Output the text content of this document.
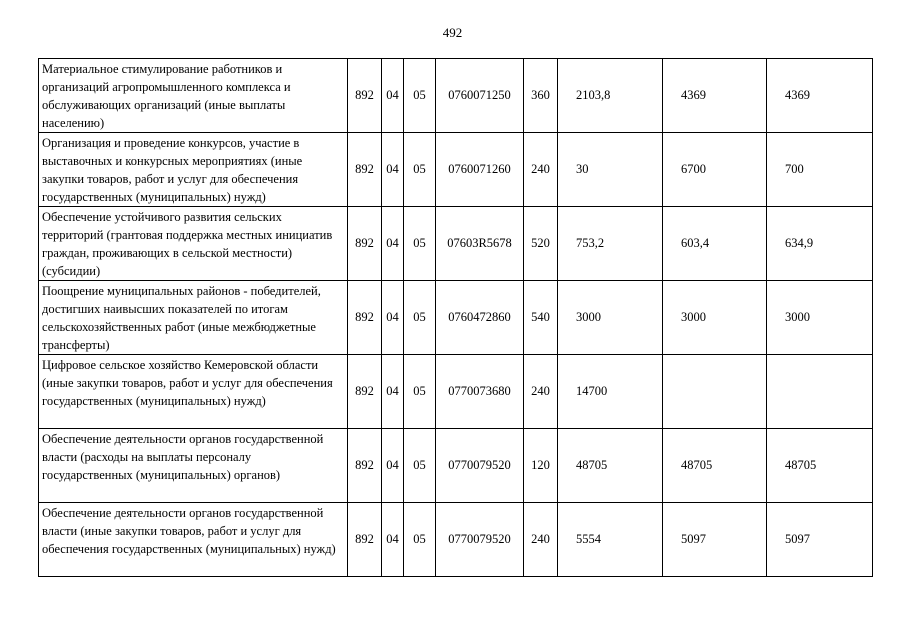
492
Материальное стимулирование работников и организаций агропромышленного комплекса и обслуживающих организаций (иные выплаты населению)	892	04	05	0760071250	360	2103,8	4369	4369
Организация и проведение конкурсов, участие в выставочных и конкурсных мероприятиях (иные закупки товаров, работ и услуг для обеспечения государственных (муниципальных) нужд)	892	04	05	0760071260	240	30	6700	700
Обеспечение устойчивого развития сельских территорий (грантовая поддержка местных инициатив граждан, проживающих в сельской местности) (субсидии)	892	04	05	07603R5678	520	753,2	603,4	634,9
Поощрение муниципальных районов - победителей, достигших наивысших показателей по итогам сельскохозяйственных работ (иные межбюджетные трансферты)	892	04	05	0760472860	540	3000	3000	3000
Цифровое сельское хозяйство Кемеровской области (иные закупки товаров, работ и услуг для обеспечения государственных (муниципальных) нужд)	892	04	05	0770073680	240	14700		
Обеспечение деятельности органов государственной власти (расходы на выплаты персоналу государственных (муниципальных) органов)	892	04	05	0770079520	120	48705	48705	48705
Обеспечение деятельности органов государственной власти (иные закупки товаров, работ и услуг для обеспечения государственных (муниципальных) нужд)	892	04	05	0770079520	240	5554	5097	5097
